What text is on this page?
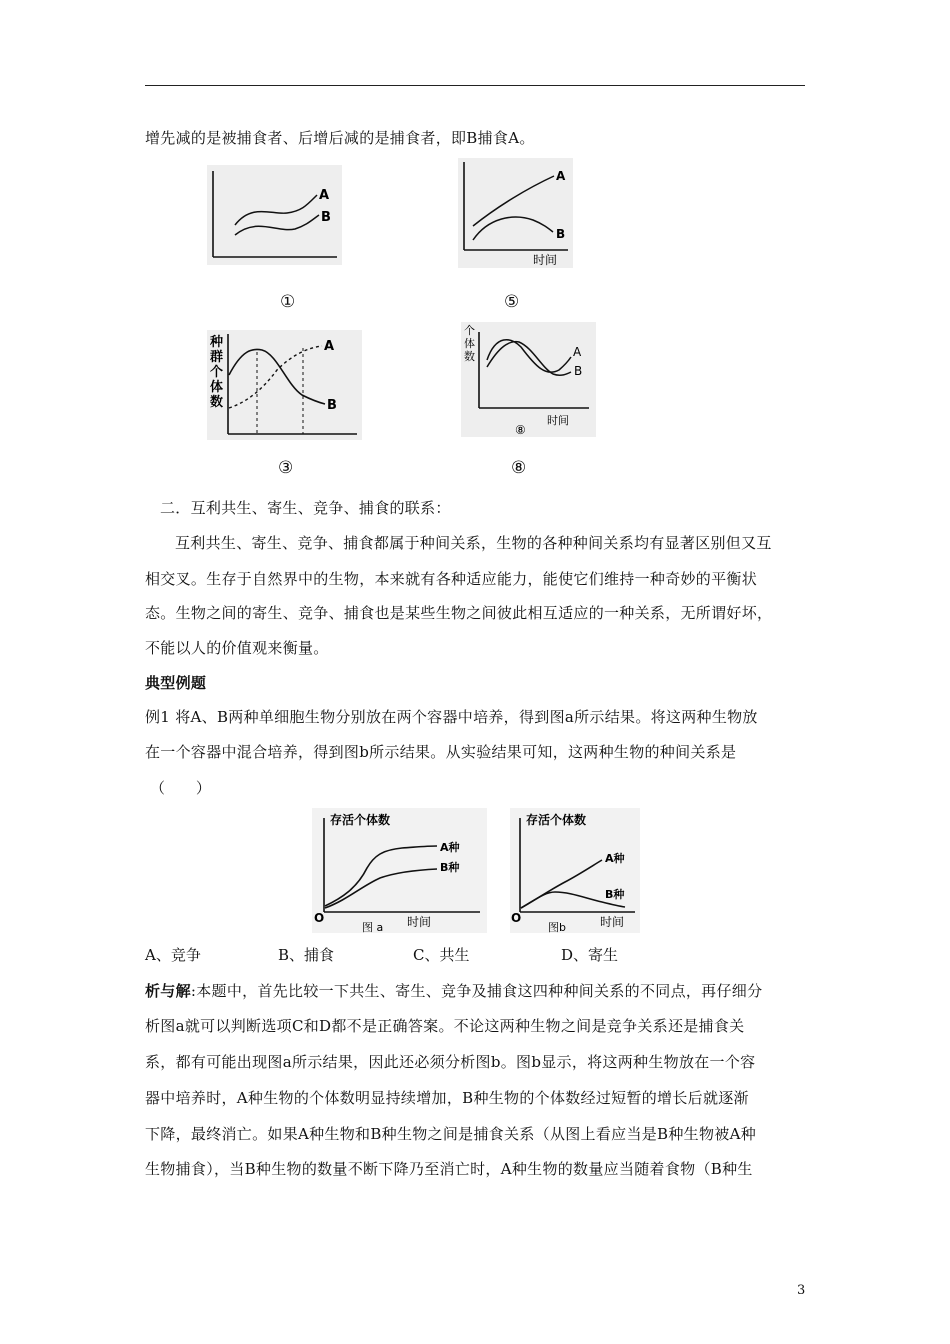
增先减的是被捕食者、后增后减的是捕食者，即B捕食A。
A
B
①
A
B
时间
⑤
种
群
个
体
数
A
B
③
个
体
数	A
B
时间
⑧
⑧
二．互利共生、寄生、竞争、捕食的联系：
互利共生、寄生、竞争、捕食都属于种间关系，生物的各种种间关系均有显著区别但又互
相交叉。生存于自然界中的生物，本来就有各种适应能力，能使它们维持一种奇妙的平衡状
态。生物之间的寄生、竞争、捕食也是某些生物之间彼此相互适应的一种关系，无所谓好坏，
不能以人的价值观来衡量。
典型例题
例1 将A、B两种单细胞生物分别放在两个容器中培养，得到图a所示结果。将这两种生物放
在一个容器中混合培养，得到图b所示结果。从实验结果可知，这两种生物的种间关系是
（　　）
存活个体数
A种
B种
O	时间
图 a
存活个体数
A种
B种
O	时间
图b
A、竞争	B、捕食	C、共生	D、寄生
析与解:本题中，首先比较一下共生、寄生、竞争及捕食这四种种间关系的不同点，再仔细分
析图a就可以判断选项C和D都不是正确答案。不论这两种生物之间是竞争关系还是捕食关
系，都有可能出现图a所示结果，因此还必须分析图b。图b显示，将这两种生物放在一个容
器中培养时，A种生物的个体数明显持续增加，B种生物的个体数经过短暂的增长后就逐渐
下降，最终消亡。如果A种生物和B种生物之间是捕食关系（从图上看应当是B种生物被A种
生物捕食），当B种生物的数量不断下降乃至消亡时，A种生物的数量应当随着食物（B种生
3
